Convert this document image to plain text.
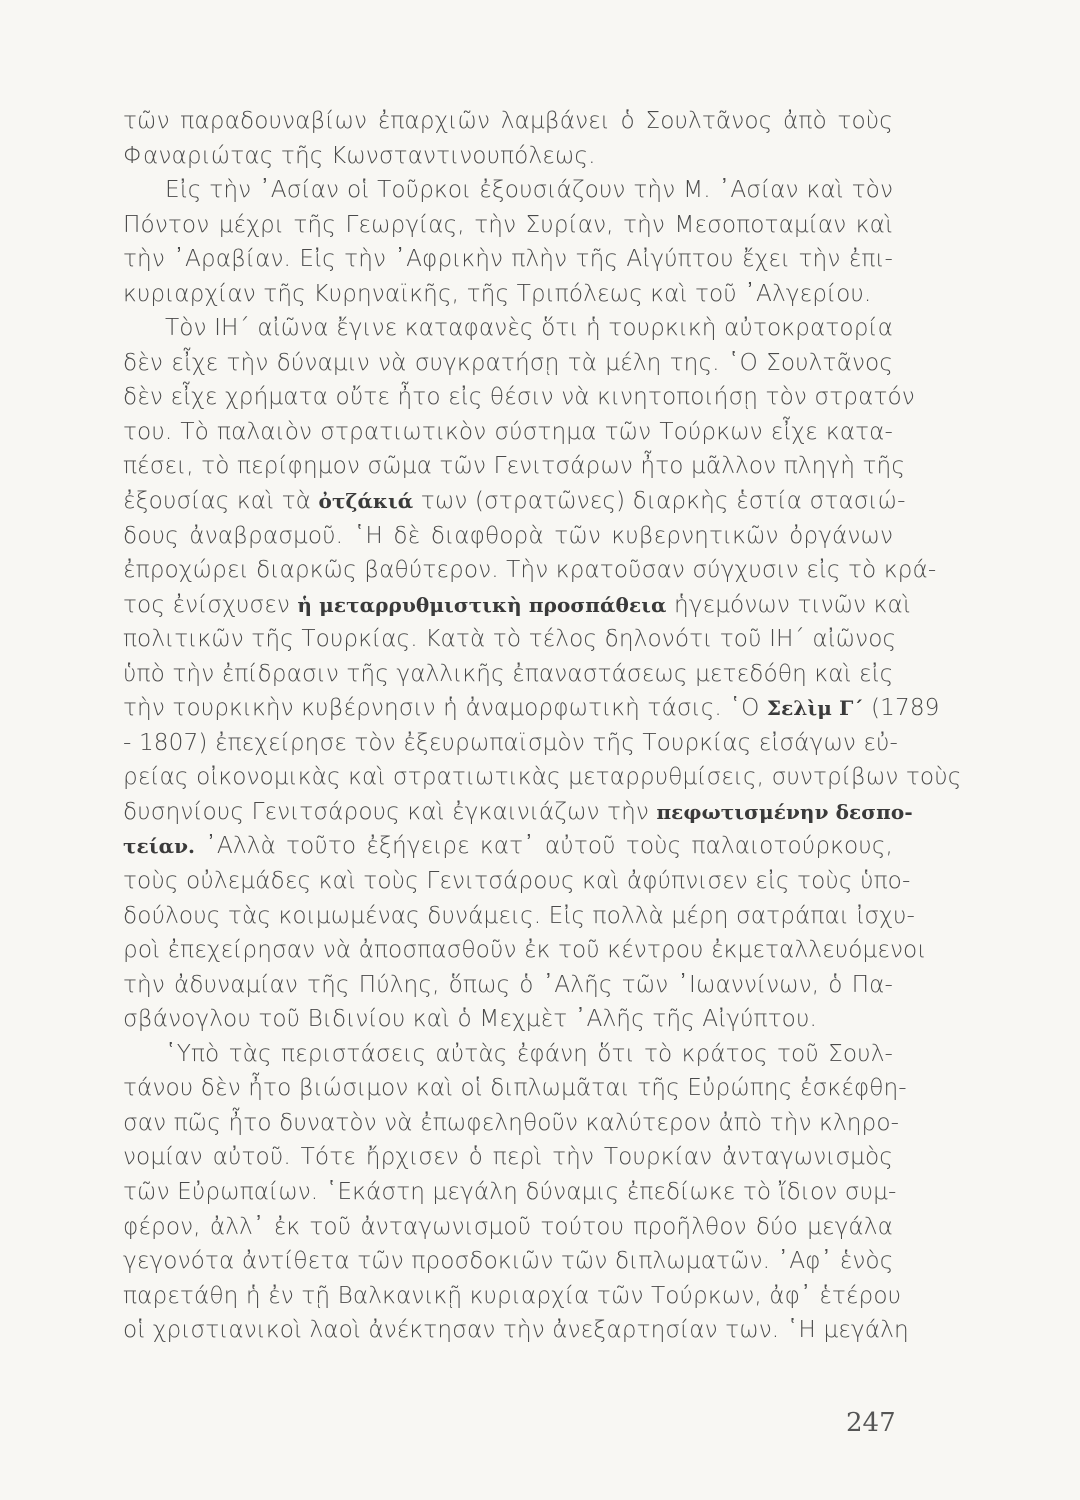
τῶν παραδουναβίων ἐπαρχιῶν λαμβάνει ὁ Σουλτᾶνος ἀπὸ τοὺς
Φαναριώτας τῆς Κωνσταντινουπόλεως.
Εἰς τὴν ᾿Ασίαν οἱ Τοῦρκοι ἐξουσιάζουν τὴν Μ. ᾿Ασίαν καὶ τὸν
Πόντον μέχρι τῆς Γεωργίας, τὴν Συρίαν, τὴν Μεσοποταμίαν καὶ
τὴν ᾿Αραβίαν. Εἰς τὴν ᾿Αφρικὴν πλὴν τῆς Αἰγύπτου ἔχει τὴν ἐπι-
κυριαρχίαν τῆς Κυρηναϊκῆς, τῆς Τριπόλεως καὶ τοῦ ᾿Αλγερίου.
Τὸν ΙΗ΄ αἰῶνα ἔγινε καταφανὲς ὅτι ἡ τουρκικὴ αὐτοκρατορία
δὲν εἶχε τὴν δύναμιν νὰ συγκρατήσῃ τὰ μέλη της. ῾Ο Σουλτᾶνος
δὲν εἶχε χρήματα οὔτε ἦτο εἰς θέσιν νὰ κινητοποιήσῃ τὸν στρατόν
του. Τὸ παλαιὸν στρατιωτικὸν σύστημα τῶν Τούρκων εἶχε κατα-
πέσει, τὸ περίφημον σῶμα τῶν Γενιτσάρων ἦτο μᾶλλον πληγὴ τῆς
ἐξουσίας καὶ τὰ ὀτζάκιά των (στρατῶνες) διαρκὴς ἑστία στασιώ-
δους ἀναβρασμοῦ. ῾Η δὲ διαφθορὰ τῶν κυβερνητικῶν ὀργάνων
ἐπροχώρει διαρκῶς βαθύτερον. Τὴν κρατοῦσαν σύγχυσιν εἰς τὸ κρά-
τος ἐνίσχυσεν ἡ μεταρρυθμιστικὴ προσπάθεια ἡγεμόνων τινῶν καὶ
πολιτικῶν τῆς Τουρκίας. Κατὰ τὸ τέλος δηλονότι τοῦ ΙΗ΄ αἰῶνος
ὑπὸ τὴν ἐπίδρασιν τῆς γαλλικῆς ἐπαναστάσεως μετεδόθη καὶ εἰς
τὴν τουρκικὴν κυβέρνησιν ἡ ἀναμορφωτικὴ τάσις. ῾Ο Σελὶμ Γ΄ (1789
- 1807) ἐπεχείρησε τὸν ἐξευρωπαϊσμὸν τῆς Τουρκίας εἰσάγων εὐ-
ρείας οἰκονομικὰς καὶ στρατιωτικὰς μεταρρυθμίσεις, συντρίβων τοὺς
δυσηνίους Γενιτσάρους καὶ ἐγκαινιάζων τὴν πεφωτισμένην δεσπο-
τείαν. ᾿Αλλὰ τοῦτο ἐξήγειρε κατ᾿ αὐτοῦ τοὺς παλαιοτούρκους,
τοὺς οὐλεμάδες καὶ τοὺς Γενιτσάρους καὶ ἀφύπνισεν εἰς τοὺς ὑπο-
δούλους τὰς κοιμωμένας δυνάμεις. Εἰς πολλὰ μέρη σατράπαι ἰσχυ-
ροὶ ἐπεχείρησαν νὰ ἀποσπασθοῦν ἐκ τοῦ κέντρου ἐκμεταλλευόμενοι
τὴν ἀδυναμίαν τῆς Πύλης, ὅπως ὁ ᾿Αλῆς τῶν ᾿Ιωαννίνων, ὁ Πα-
σβάνογλου τοῦ Βιδινίου καὶ ὁ Μεχμὲτ ᾿Αλῆς τῆς Αἰγύπτου.
῾Υπὸ τὰς περιστάσεις αὐτὰς ἐφάνη ὅτι τὸ κράτος τοῦ Σουλ-
τάνου δὲν ἦτο βιώσιμον καὶ οἱ διπλωμᾶται τῆς Εὐρώπης ἐσκέφθη-
σαν πῶς ἦτο δυνατὸν νὰ ἐπωφεληθοῦν καλύτερον ἀπὸ τὴν κληρο-
νομίαν αὐτοῦ. Τότε ἤρχισεν ὁ περὶ τὴν Τουρκίαν ἀνταγωνισμὸς
τῶν Εὐρωπαίων. ῾Εκάστη μεγάλη δύναμις ἐπεδίωκε τὸ ἴδιον συμ-
φέρον, ἀλλ᾿ ἐκ τοῦ ἀνταγωνισμοῦ τούτου προῆλθον δύο μεγάλα
γεγονότα ἀντίθετα τῶν προσδοκιῶν τῶν διπλωματῶν. ᾿Αφ᾿ ἑνὸς
παρετάθη ἡ ἐν τῇ Βαλκανικῇ κυριαρχία τῶν Τούρκων, ἀφ᾿ ἑτέρου
οἱ χριστιανικοὶ λαοὶ ἀνέκτησαν τὴν ἀνεξαρτησίαν των. ῾Η μεγάλη
247
